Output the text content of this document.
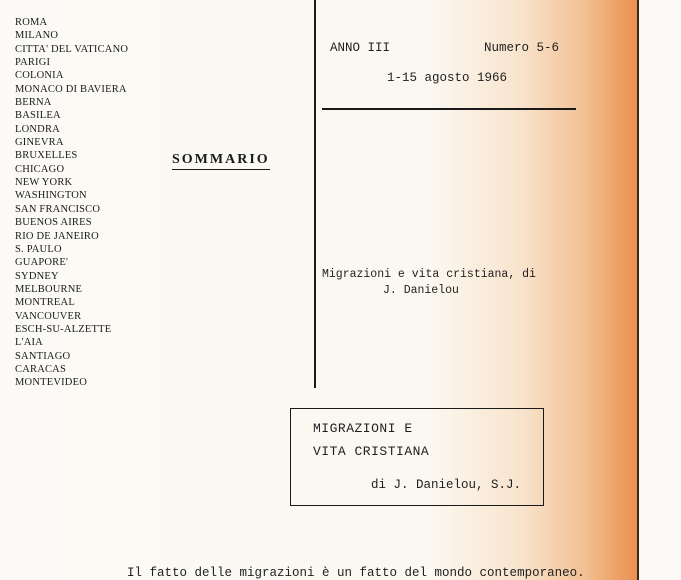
ROMA
MILANO
CITTA' DEL VATICANO
PARIGI
COLONIA
MONACO DI BAVIERA
BERNA
BASILEA
LONDRA
GINEVRA
BRUXELLES
CHICAGO
NEW YORK
WASHINGTON
SAN FRANCISCO
BUENOS AIRES
RIO DE JANEIRO
S. PAULO
GUAPORE'
SYDNEY
MELBOURNE
MONTREAL
VANCOUVER
ESCH-SU-ALZETTE
L'AIA
SANTIAGO
CARACAS
MONTEVIDEO
SOMMARIO
ANNO III	Numero 5-6
1-15 agosto 1966
Migrazioni e vita cristiana, di
J. Danielou
MIGRAZIONI E
VITA CRISTIANA
di J. Danielou, S.J.
Il fatto delle migrazioni è un fatto del mondo contemporaneo.
